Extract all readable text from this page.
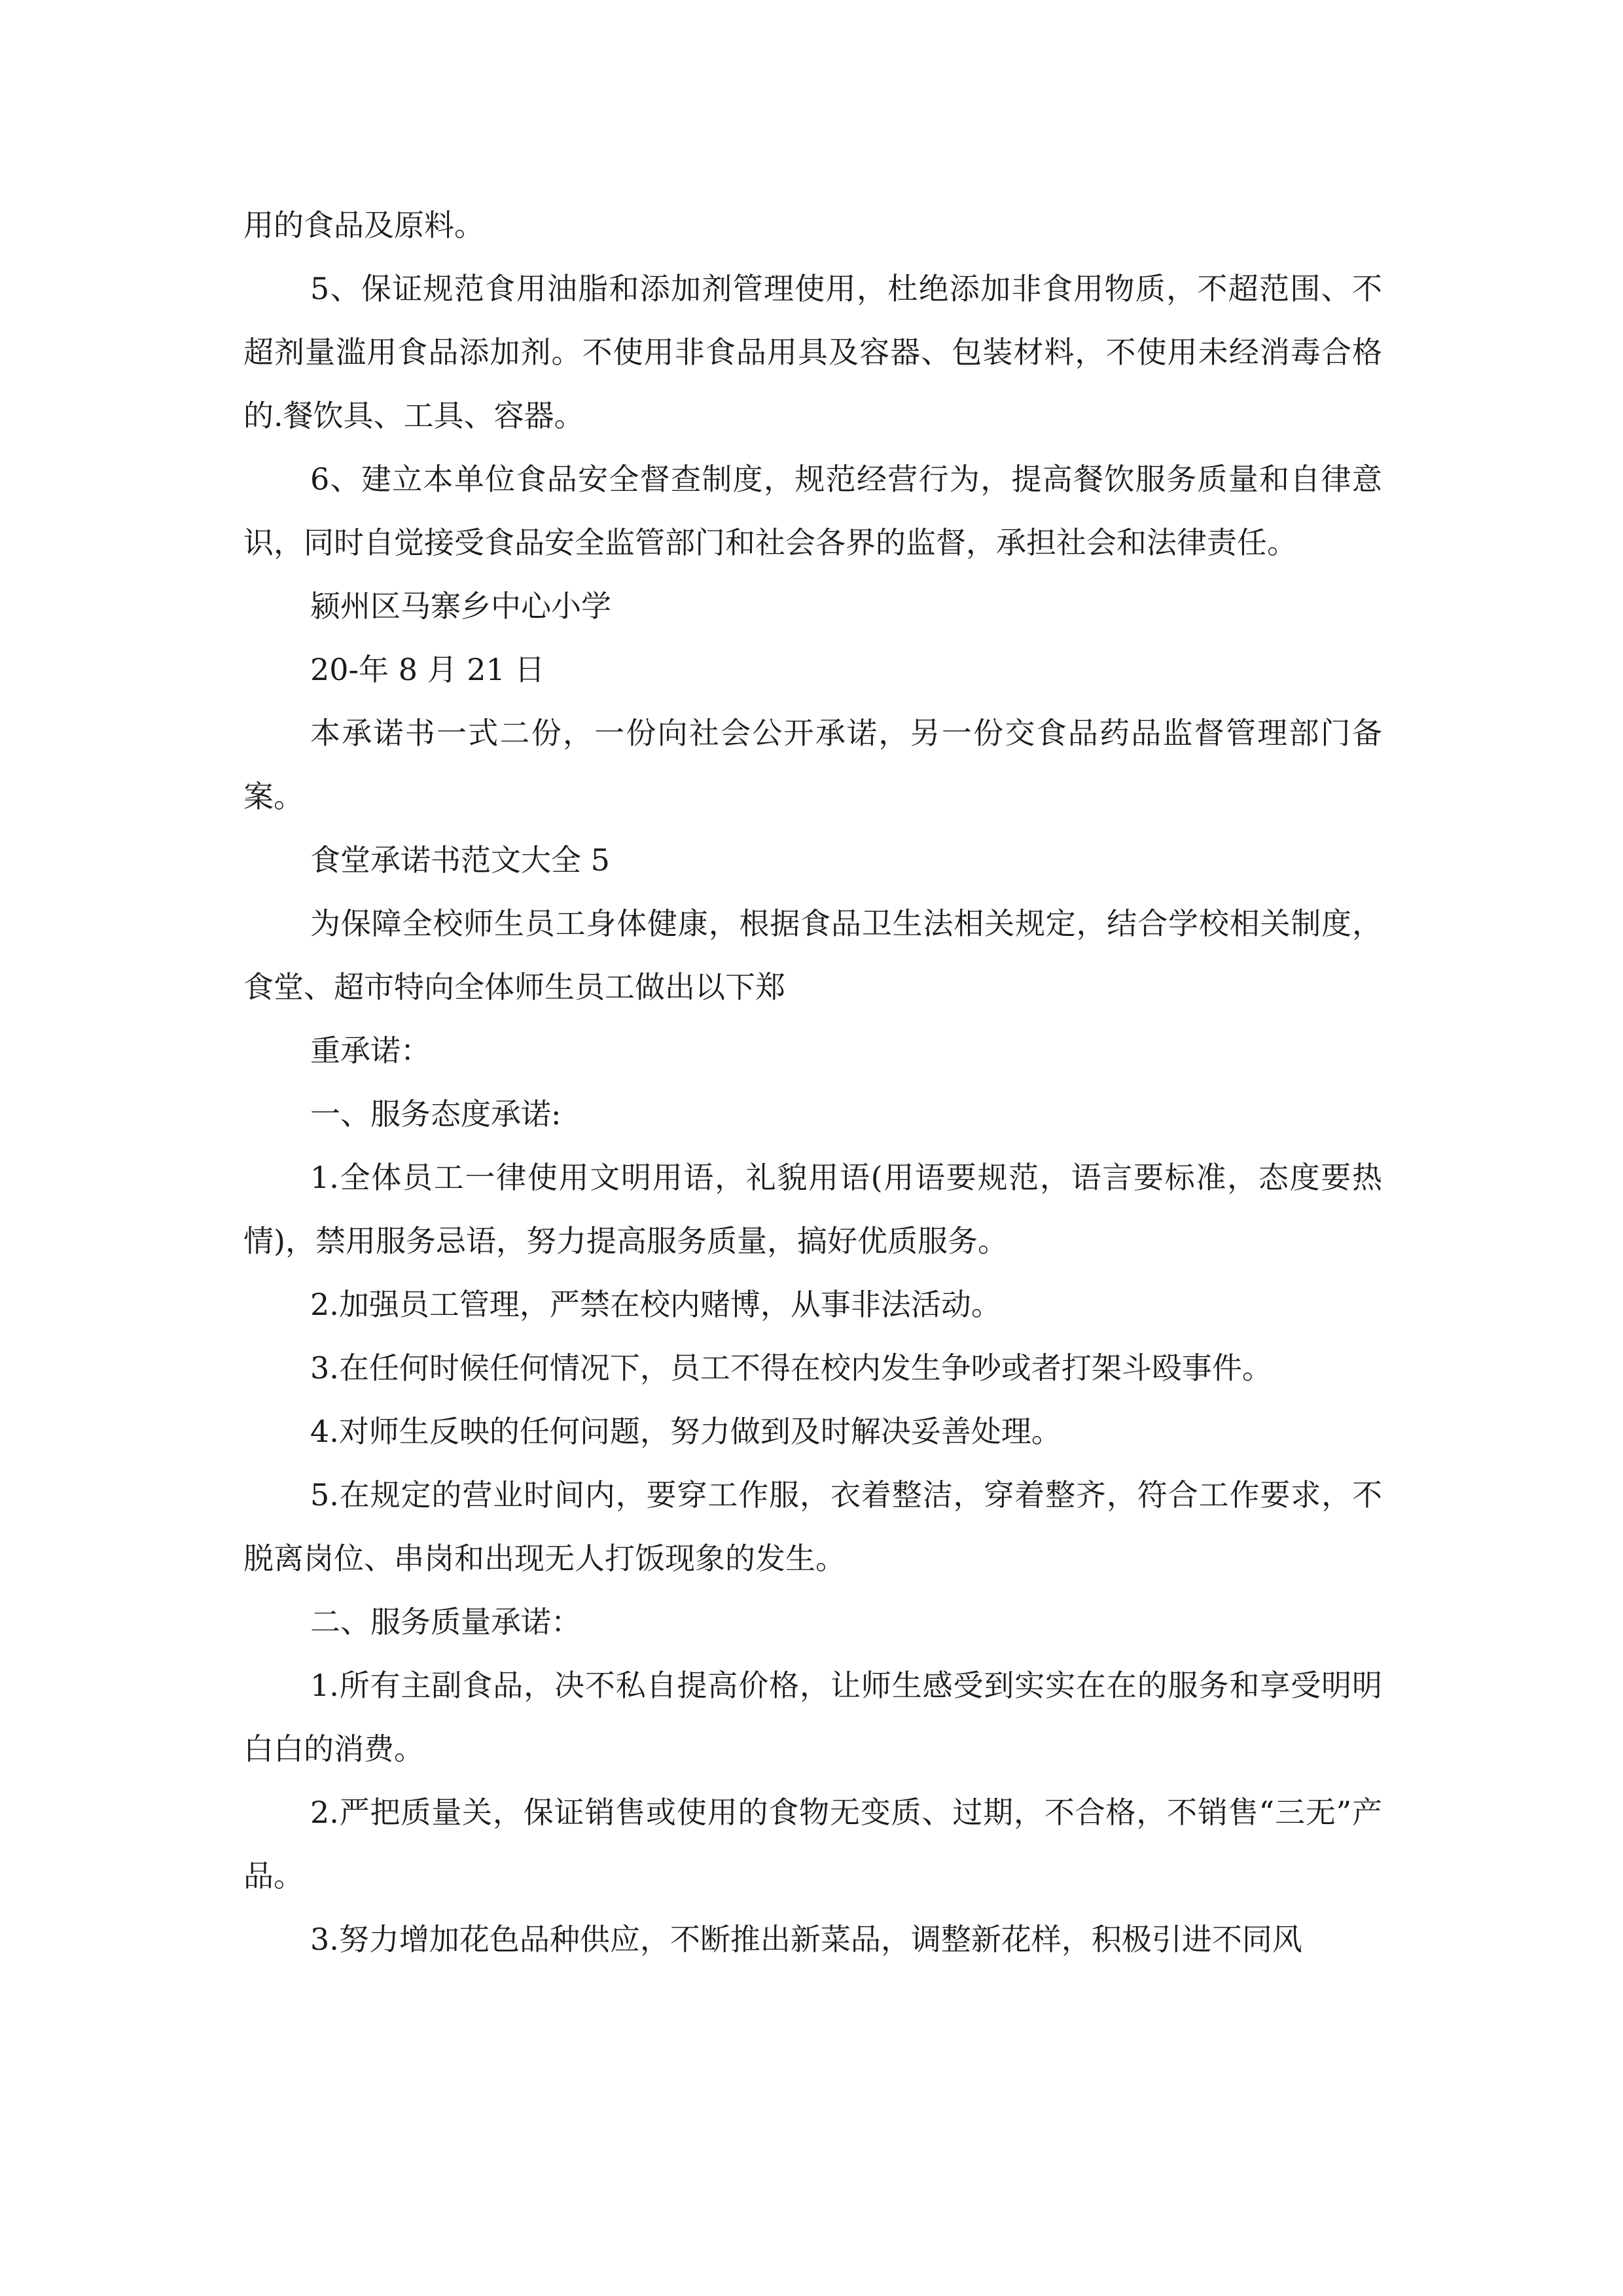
用的食品及原料。

5、保证规范食用油脂和添加剂管理使用，杜绝添加非食用物质，不超范围、不超剂量滥用食品添加剂。不使用非食品用具及容器、包装材料，不使用未经消毒合格的.餐饮具、工具、容器。

6、建立本单位食品安全督查制度，规范经营行为，提高餐饮服务质量和自律意识，同时自觉接受食品安全监管部门和社会各界的监督，承担社会和法律责任。

颍州区马寨乡中心小学

20-年 8 月 21 日

本承诺书一式二份，一份向社会公开承诺，另一份交食品药品监督管理部门备案。

食堂承诺书范文大全 5

为保障全校师生员工身体健康，根据食品卫生法相关规定，结合学校相关制度，食堂、超市特向全体师生员工做出以下郑

重承诺：

一、服务态度承诺:

1.全体员工一律使用文明用语，礼貌用语(用语要规范，语言要标准，态度要热情)，禁用服务忌语，努力提高服务质量，搞好优质服务。

2.加强员工管理，严禁在校内赌博，从事非法活动。

3.在任何时候任何情况下，员工不得在校内发生争吵或者打架斗殴事件。

4.对师生反映的任何问题，努力做到及时解决妥善处理。

5.在规定的营业时间内，要穿工作服，衣着整洁，穿着整齐，符合工作要求，不脱离岗位、串岗和出现无人打饭现象的发生。

二、服务质量承诺：

1.所有主副食品，决不私自提高价格，让师生感受到实实在在的服务和享受明明白白的消费。

2.严把质量关，保证销售或使用的食物无变质、过期，不合格，不销售“三无”产品。

3.努力增加花色品种供应，不断推出新菜品，调整新花样，积极引进不同风
